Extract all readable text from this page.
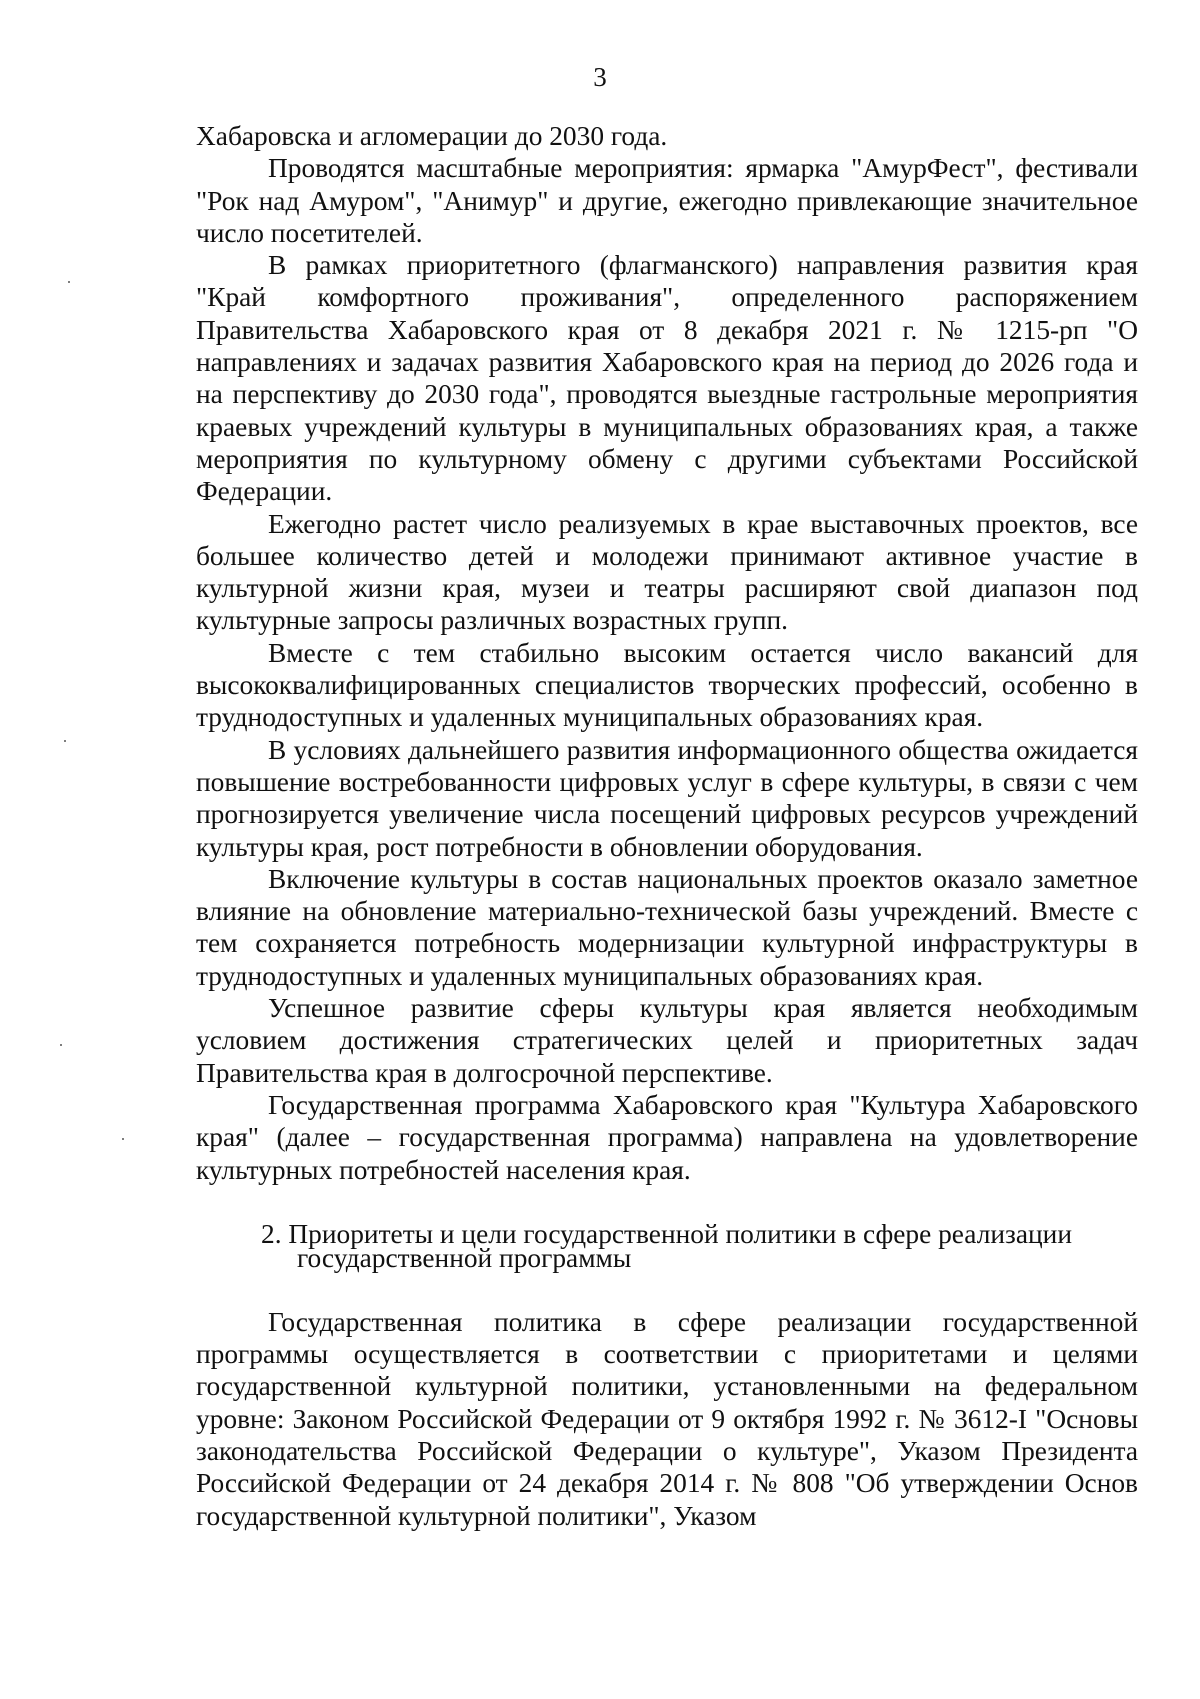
3

Хабаровска и агломерации до 2030 года.

Проводятся масштабные мероприятия: ярмарка "АмурФест", фестивали "Рок над Амуром", "Анимур" и другие, ежегодно привлекающие значительное число посетителей.

В рамках приоритетного (флагманского) направления развития края "Край комфортного проживания", определенного распоряжением Правительства Хабаровского края от 8 декабря 2021 г. № 1215-рп "О направлениях и задачах развития Хабаровского края на период до 2026 года и на перспективу до 2030 года", проводятся выездные гастрольные мероприятия краевых учреждений культуры в муниципальных образованиях края, а также мероприятия по культурному обмену с другими субъектами Российской Федерации.

Ежегодно растет число реализуемых в крае выставочных проектов, все большее количество детей и молодежи принимают активное участие в культурной жизни края, музеи и театры расширяют свой диапазон под культурные запросы различных возрастных групп.

Вместе с тем стабильно высоким остается число вакансий для высококвалифицированных специалистов творческих профессий, особенно в труднодоступных и удаленных муниципальных образованиях края.

В условиях дальнейшего развития информационного общества ожидается повышение востребованности цифровых услуг в сфере культуры, в связи с чем прогнозируется увеличение числа посещений цифровых ресурсов учреждений культуры края, рост потребности в обновлении оборудования.

Включение культуры в состав национальных проектов оказало заметное влияние на обновление материально-технической базы учреждений. Вместе с тем сохраняется потребность модернизации культурной инфраструктуры в труднодоступных и удаленных муниципальных образованиях края.

Успешное развитие сферы культуры края является необходимым условием достижения стратегических целей и приоритетных задач Правительства края в долгосрочной перспективе.

Государственная программа Хабаровского края "Культура Хабаровского края" (далее – государственная программа) направлена на удовлетворение культурных потребностей населения края.

2. Приоритеты и цели государственной политики в сфере реализации
государственной программы

Государственная политика в сфере реализации государственной программы осуществляется в соответствии с приоритетами и целями государственной культурной политики, установленными на федеральном уровне: Законом Российской Федерации от 9 октября 1992 г. № 3612-I "Основы законодательства Российской Федерации о культуре", Указом Президента Российской Федерации от 24 декабря 2014 г. № 808 "Об утверждении Основ государственной культурной политики", Указом
